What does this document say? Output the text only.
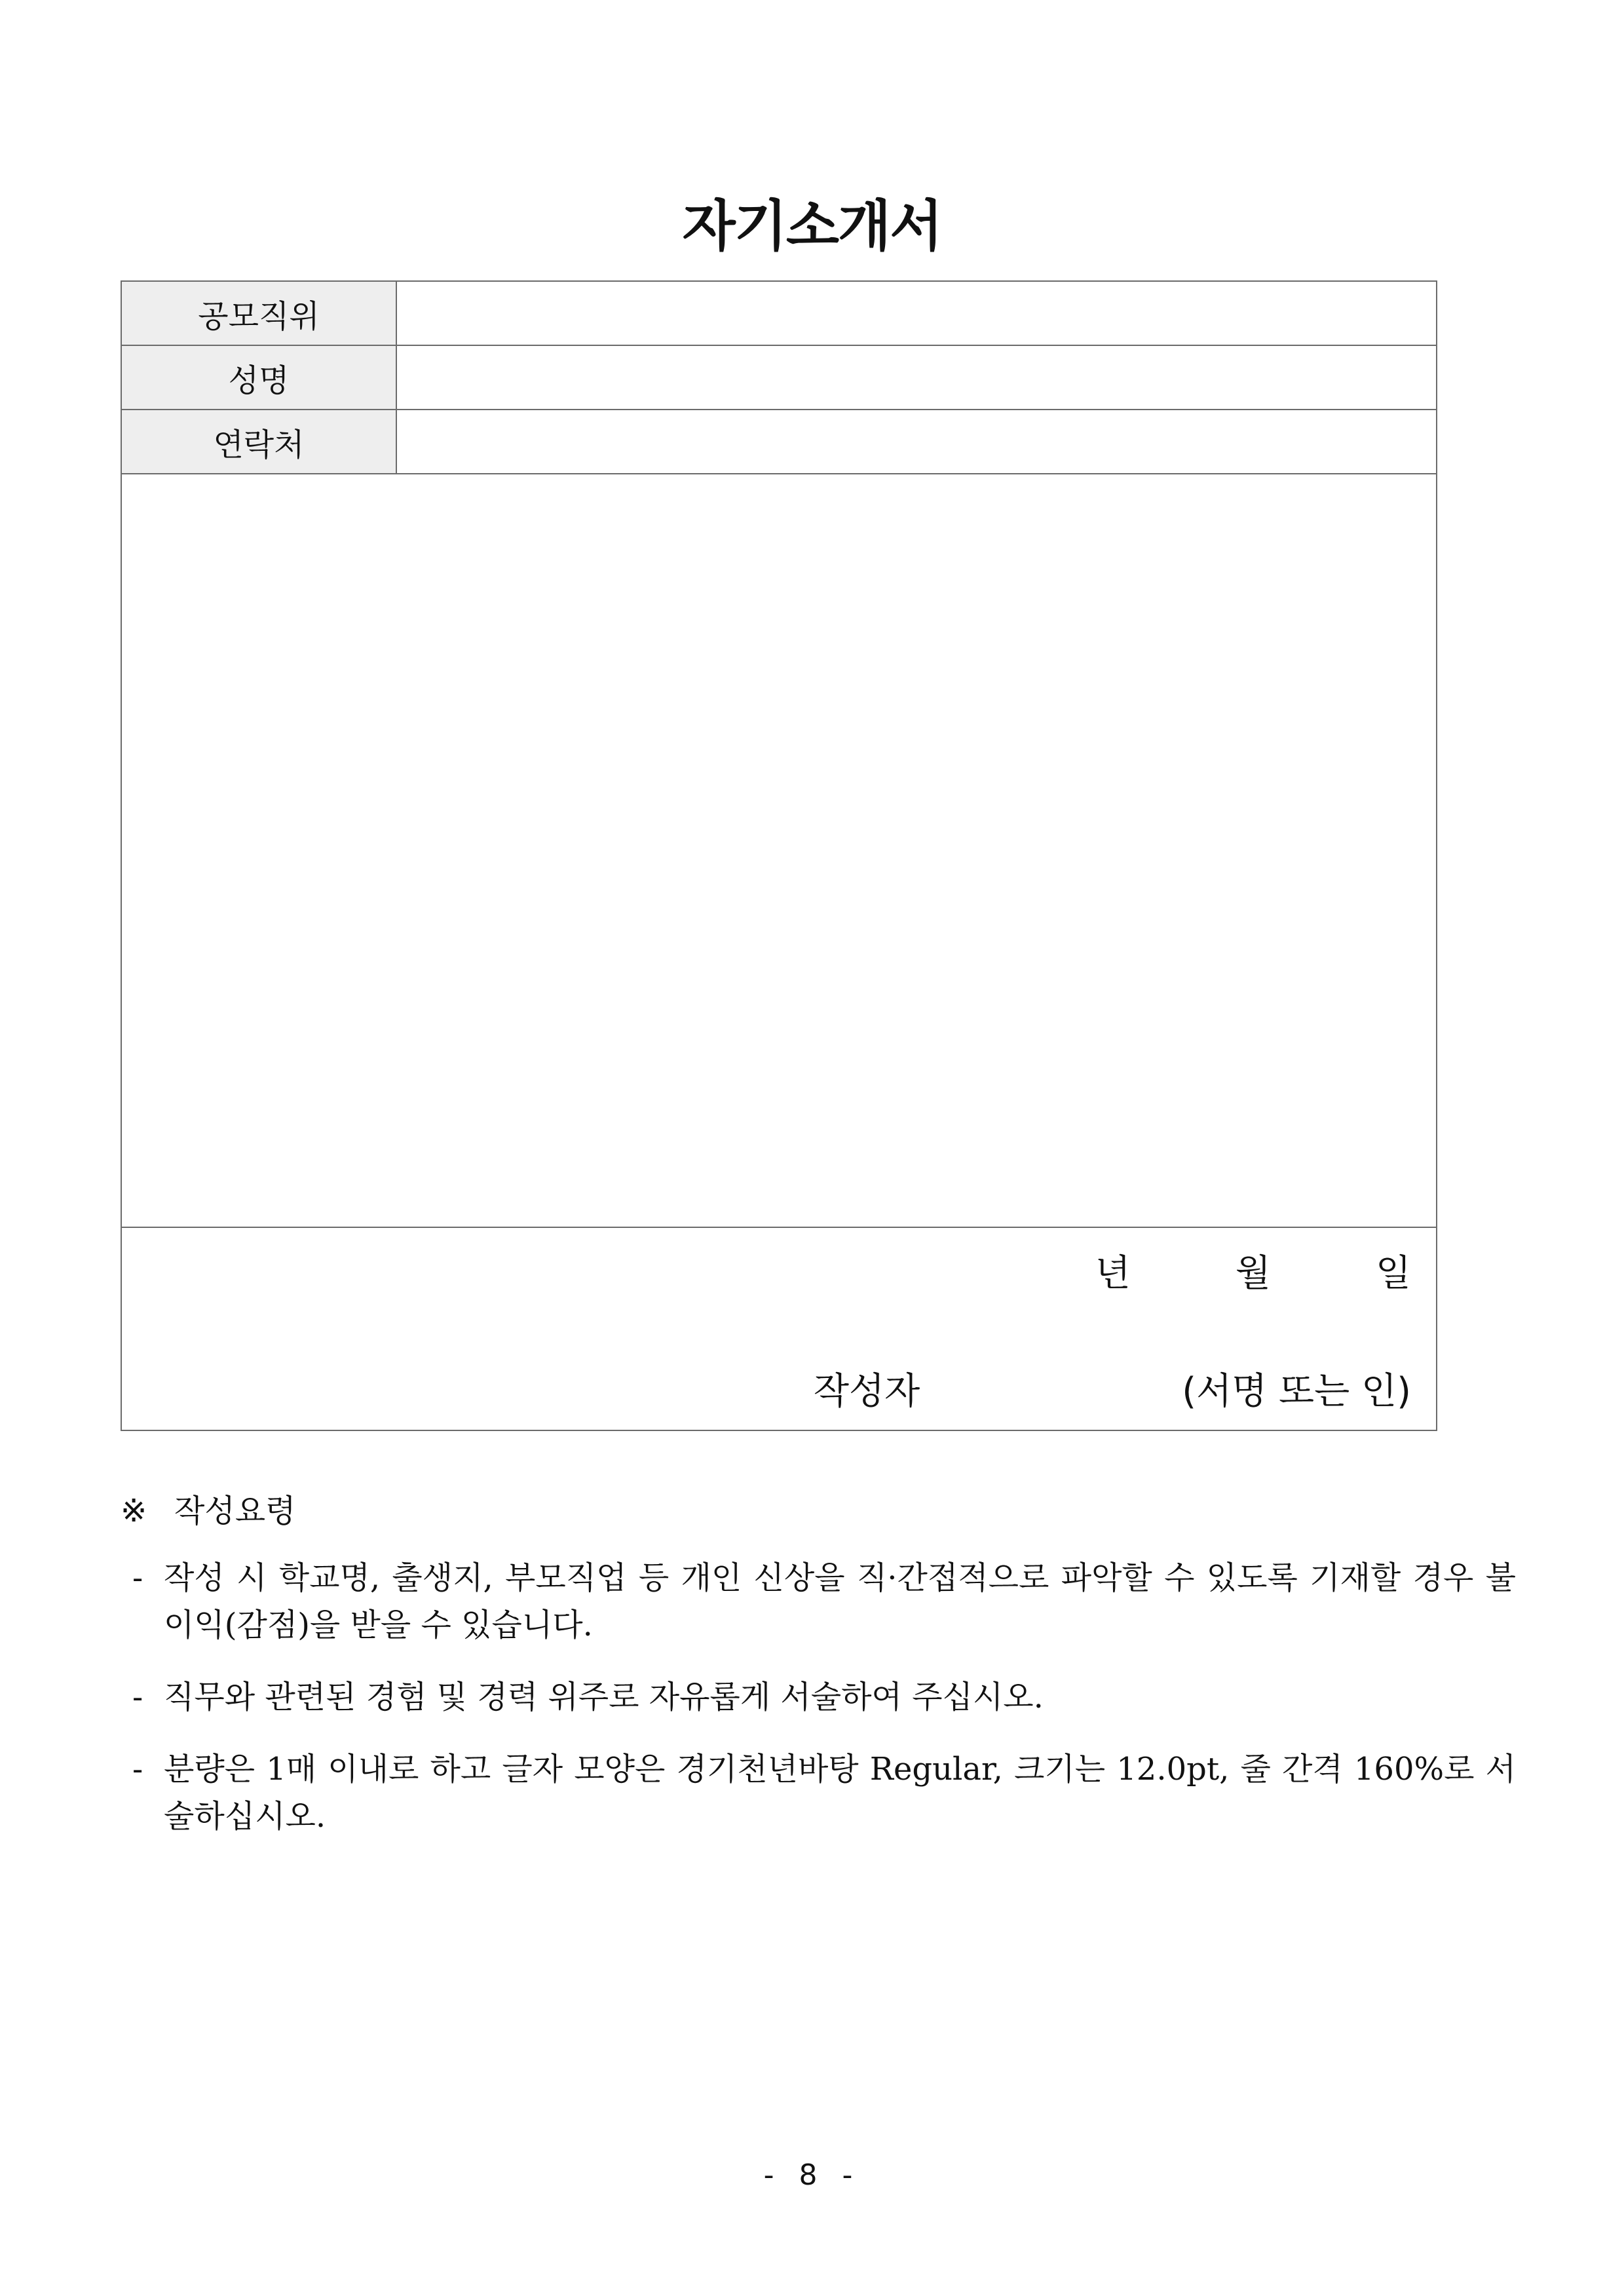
자기소개서
공모직위	
성명	
연락처	

년 월 일
작성자 (서명 또는 인)	
※ 작성요령
- 작성 시 학교명, 출생지, 부모직업 등 개인 신상을 직·간접적으로 파악할 수 있도록 기재할 경우 불이익(감점)을 받을 수 있습니다.
- 직무와 관련된 경험 및 경력 위주로 자유롭게 서술하여 주십시오.
- 분량은 1매 이내로 하고 글자 모양은 경기천년바탕 Regular, 크기는 12.0pt, 줄 간격 160%로 서술하십시오.
- 8 -
